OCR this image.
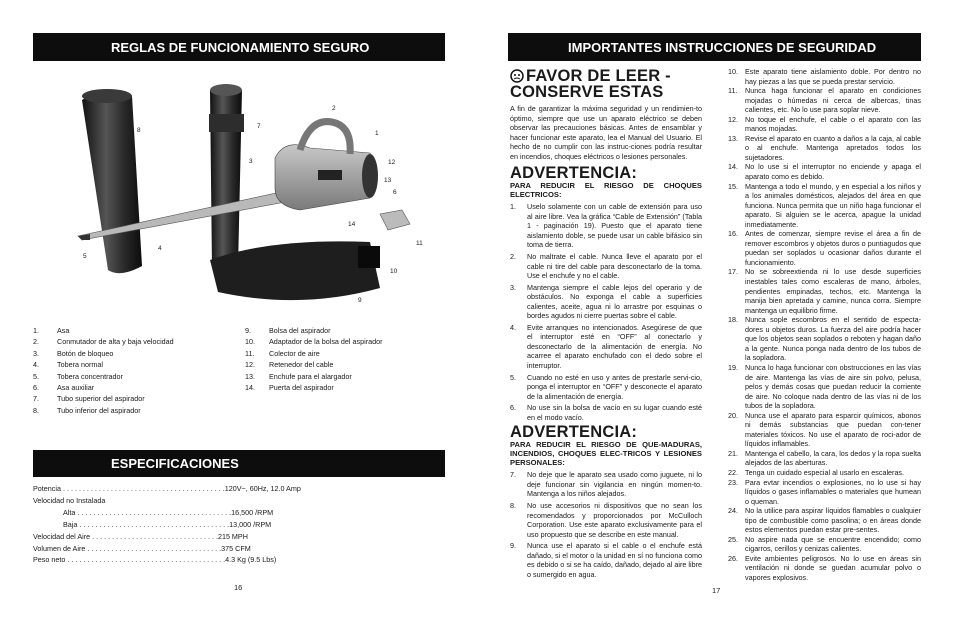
REGLAS DE FUNCIONAMIENTO SEGURO
8
7
2
1
3	12
13
6
14
11
4
5
10
9
1.	Asa
2.	Conmutador de alta y baja velocidad
3.	Botón de bloqueo
4.	Tobera normal
5.	Tobera concentrador
6.	Asa auxiliar
7.	Tubo superior del aspirador
8.	Tubo inferior del aspirador
9.	Bolsa del aspirador
10.	Adaptador de la bolsa del aspirador
11.	Colector de aire
12.	Retenedor del cable
13.	Enchufe para el alargador
14.	Puerta del aspirador
ESPECIFICACIONES
Potencia . . . . . . . . . . . . . . . . . . . . . . . . . . . . . . . . . . . . . . . . .120V~, 60Hz, 12.0 Amp
Velocidad no Instalada
Alta . . . . . . . . . . . . . . . . . . . . . . . . . . . . . . . . . . . . . . .16,500 /RPM
Baja . . . . . . . . . . . . . . . . . . . . . . . . . . . . . . . . . . . . . .13,000 /RPM
Velocidad del Aire . . . . . . . . . . . . . . . . . . . . . . . . . . . . . . . .215 MPH
Volumen de Aire . . . . . . . . . . . . . . . . . . . . . . . . . . . . . . . . . .375 CFM
Peso neto . . . . . . . . . . . . . . . . . . . . . . . . . . . . . . . . . . . . . . . .4.3 Kg (9.5 Lbs)
16
IMPORTANTES INSTRUCCIONES DE SEGURIDAD
FAVOR DE LEER -
CONSERVE ESTAS
A fin de garantizar la máxima seguridad y un rendimien-to óptimo, siempre que use un aparato eléctrico se deben observar las precauciones básicas. Antes de ensamblar y hacer funcionar este aparato, lea el Manual del Usuario. El hecho de no cumplir con las instruc-ciones podría resultar en incendios, choques eléctricos o lesiones personales.
ADVERTENCIA:
PARA REDUCIR EL RIESGO DE CHOQUES ELECTRICOS:
1.	Uselo solamente con un cable de extensión para uso al aire libre. Vea la gráfica “Cable de Extensión” (Tabla 1 - paginación 19). Puesto que el aparato tiene aislamiento doble, se puede usar un cable bifásico sin toma de tierra.
2.	No maltrate el cable. Nunca lleve el aparato por el cable ni tire del cable para desconectarlo de la toma. Use el enchufe y no el cable.
3.	Mantenga siempre el cable lejos del operario y de obstáculos. No exponga el cable a superficies calientes, aceite, agua ni lo arrastre por esquinas o bordes agudos ni cierre puertas sobre el cable.
4.	Evite arranques no intencionados. Asegúrese de que el interruptor esté en “OFF” al conectarlo y desconectarlo de la alimentación de energía. No acarree el aparato enchufado con el dedo sobre el interruptor.
5.	Cuando no esté en uso y antes de prestarle servi-cio, ponga el interruptor en “OFF” y desconecte el aparato de la alimentación de energía.
6.	No use sin la bolsa de vacío en su lugar cuando esté en el modo vacío.
ADVERTENCIA:
PARA REDUCIR EL RIESGO DE QUE-MADURAS, INCENDIOS, CHOQUES ELEC-TRICOS Y LESIONES PERSONALES:
7.	No deje que le aparato sea usado como juguete, ni lo deje funcionar sin vigilancia en ningún momen-to. Mantenga a los niños alejados.
8.	No use accesorios ni dispositivos que no sean los recomendados y proporcionados por McCulloch Corporation. Use este aparato exclusivamente para el uso propuesto que se describe en este manual.
9.	Nunca use el aparato si el cable o el enchufe está dañado, si el motor o la unidad en sí no funciona como es debido o si se ha caído, dañado, dejado al aire libre o sumergido en agua.
10. Este aparato tiene aislamiento doble. Por dentro no hay piezas a las que se pueda prestar servicio.
11.	Nunca haga funcionar el aparato en condiciones mojadas o húmedas ni cerca de albercas, tinas calientes, etc. No lo use para soplar nieve.
12. No toque el enchufe, el cable o el aparato con las manos mojadas.
13. Revise el aparato en cuanto a daños a la caja, al cable o al enchufe. Mantenga apretados todos los sujetadores.
14. No lo use si el interruptor no enciende y apaga el aparato como es debido.
15. Mantenga a todo el mundo, y en especial a los niños y a los animales domésticos, alejados del área en que funciona. Nunca permita que un niño haga funcionar el aparato. Si alguien se le acerca, apague la unidad inmediatamente.
16. Antes de comenzar, siempre revise el área a fin de remover escombros y objetos duros o puntiagudos que puedan ser soplados u ocasionar daños durante el funcionamiento.
17. No se sobreextienda ni lo use desde superficies inestables tales como escaleras de mano, árboles, pendientes empinadas, techos, etc. Mantenga la manija bien apretada y camine, nunca corra. Siempre mantenga un equilibrio firme.
18. Nunca sople escombros en el sentido de especta-dores u objetos duros. La fuerza del aire podría hacer que los objetos sean soplados o reboten y hagan daño a la gente. Nunca ponga nada dentro de los tubos de la sopladora.
19. Nunca lo haga funcionar con obstrucciones en las vías de aire. Mantenga las vías de aire sin polvo, pelusa, pelos y demás cosas que puedan reducir la corriente de aire. No coloque nada dentro de las vías ni de los tubos de la sopladora.
20. Nunca use el aparato para esparcir químicos, abonos ni demás substancias que puedan con-tener materiales tóxicos. No use el aparato de roci-ador de líquidos inflamables.
21. Mantenga el cabello, la cara, los dedos y la ropa suelta alejados de las aberturas.
22. Tenga un cuidado especial al usarlo en escaleras.
23. Para evtar incendios o explosiones, no lo use si hay líquidos o gases inflamables o materiales que humean o queman.
24. No la utilice para aspirar líquidos flamables o cualquier tipo de combustible como pasolina; o en áreas donde estos elementos puedan estar pre-sentes.
25. No aspire nada que se encuentre encendido; como cigarros, cerillos y cenizas calientes.
26. Evite ambientes peligrosos. No lo use en áreas sin ventilación ni donde se guedan acumular polvo o vapores explosivos.
17
